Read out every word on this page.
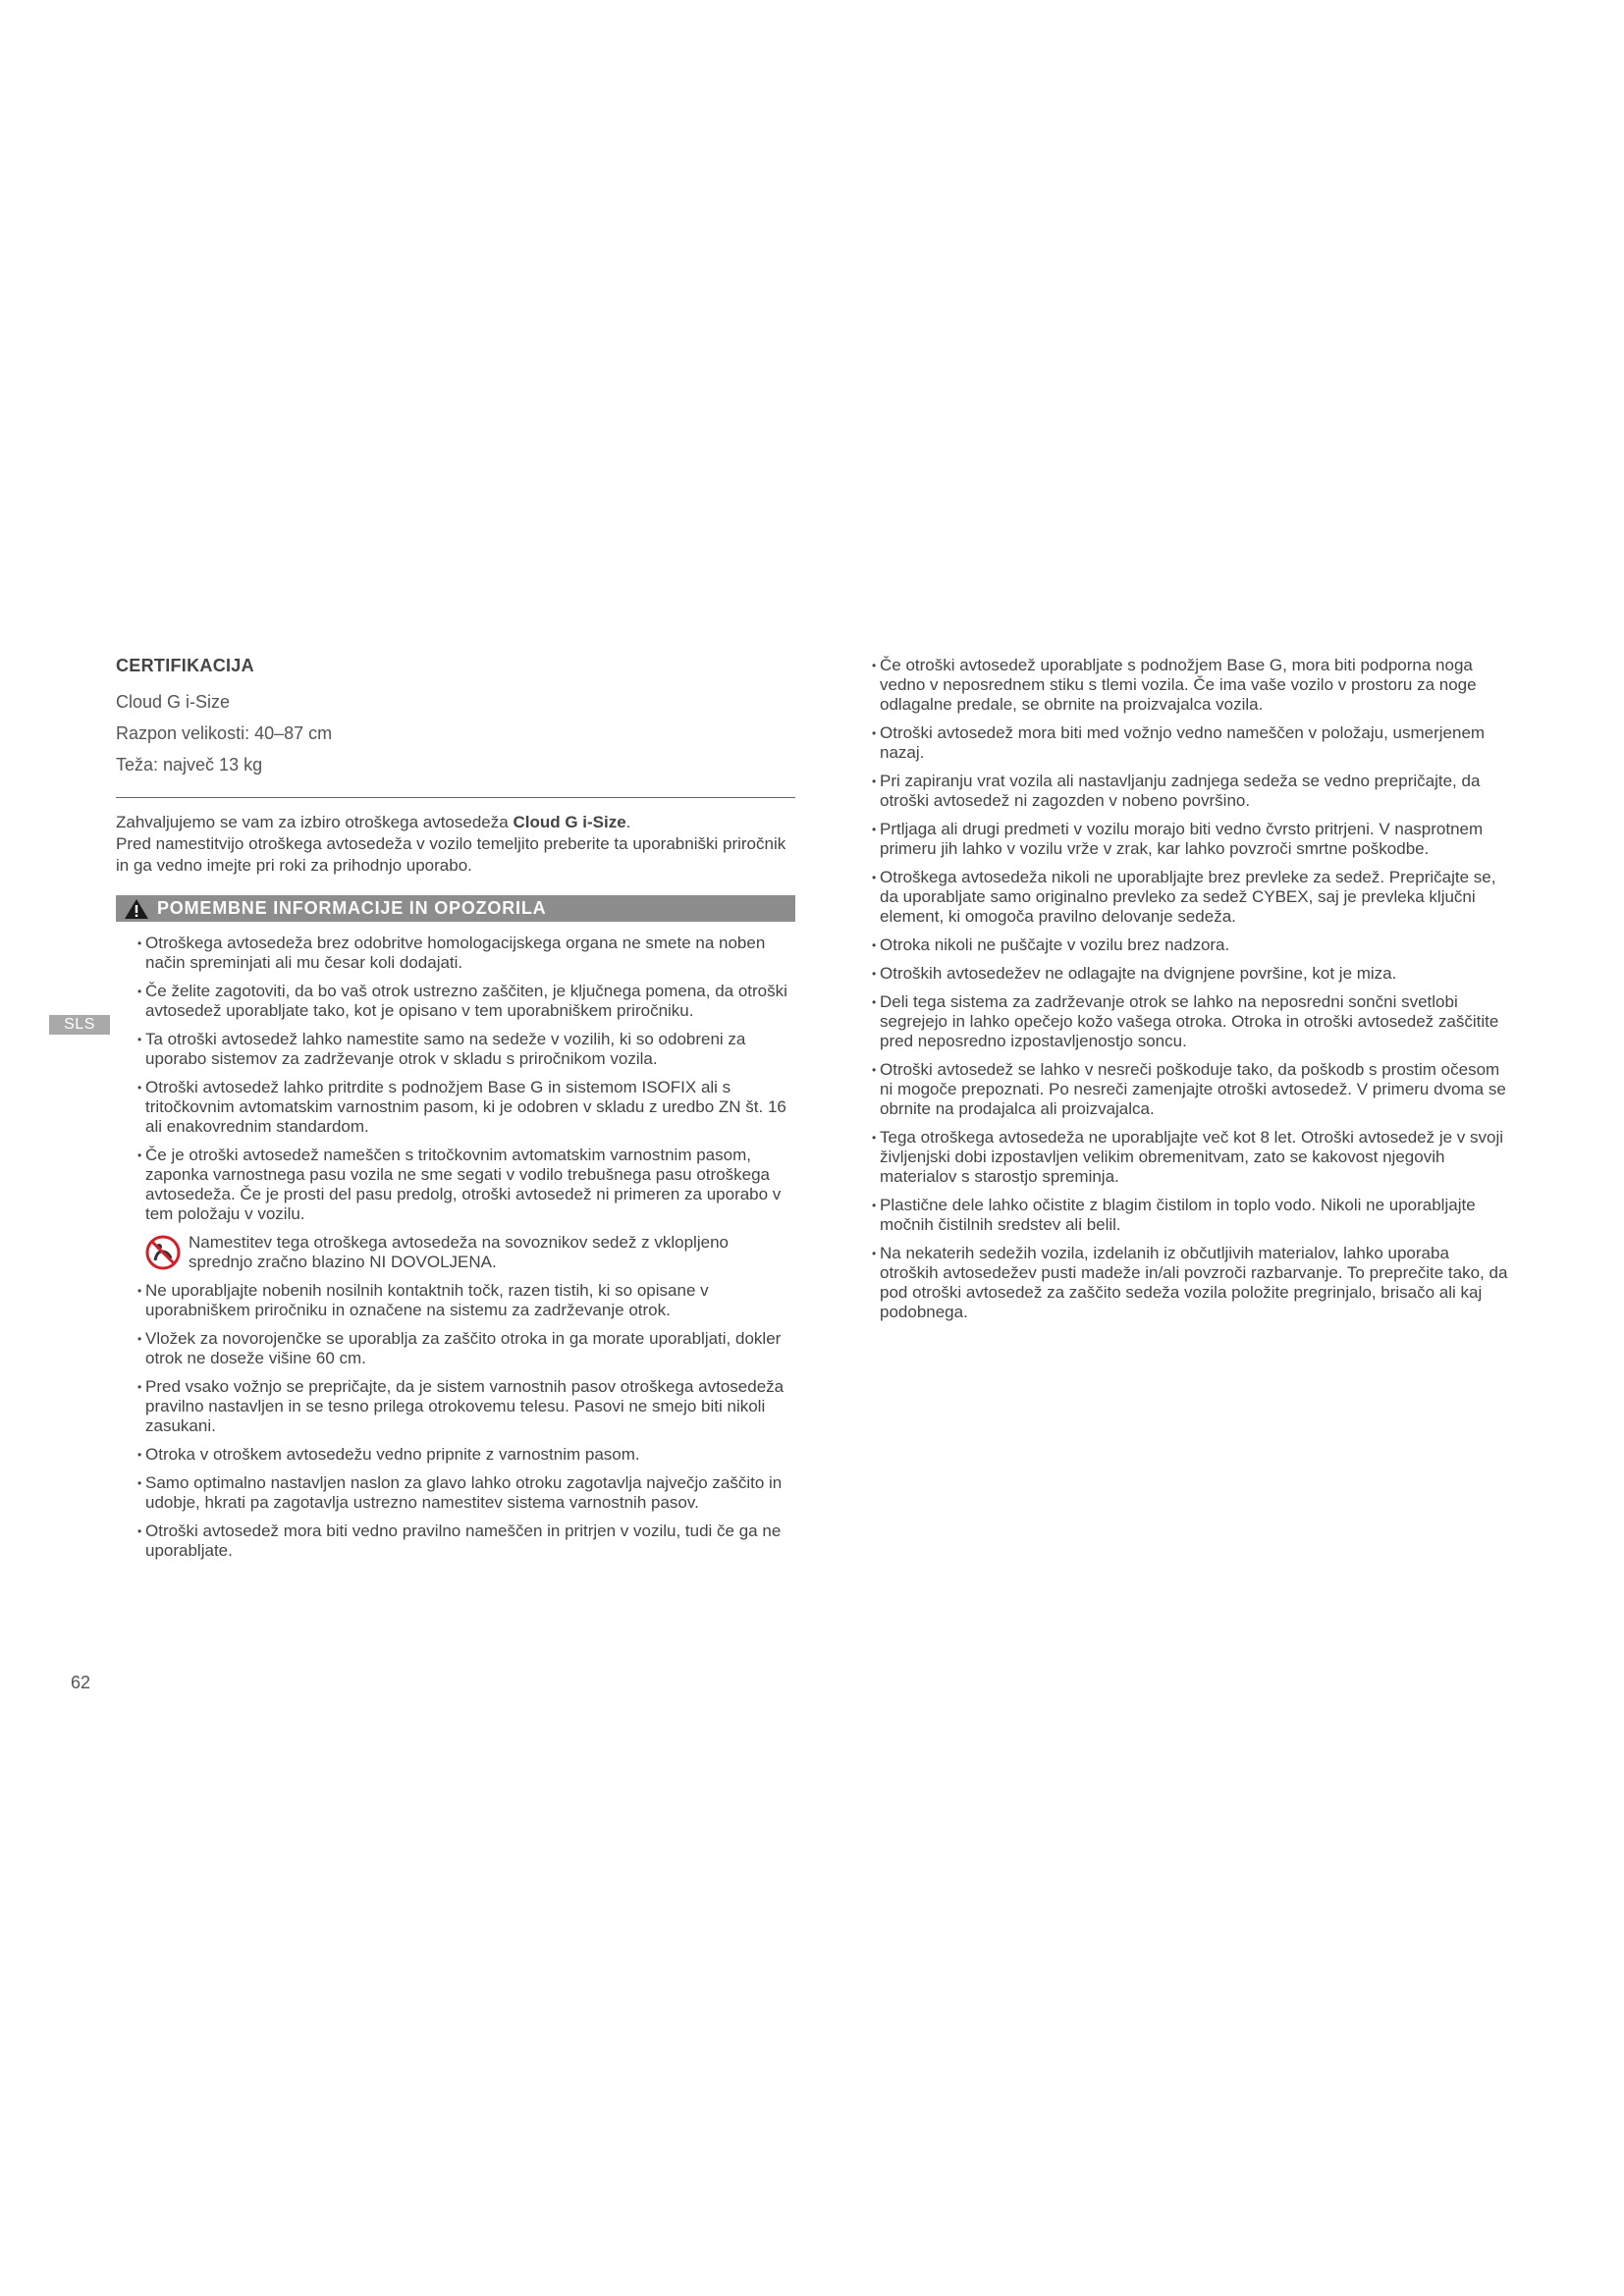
SLS
CERTIFIKACIJA
Cloud G i-Size
Razpon velikosti: 40–87 cm
Teža: največ 13 kg

Zahvaljujemo se vam za izbiro otroškega avtosedeža Cloud G i-Size.
Pred namestitvijo otroškega avtosedeža v vozilo temeljito preberite ta uporabniški priročnik in ga vedno imejte pri roki za prihodnjo uporabo.

POMEMBNE INFORMACIJE IN OPOZORILA
• Otroškega avtosedeža brez odobritve homologacijskega organa ne smete na noben način spreminjati ali mu česar koli dodajati.
• Če želite zagotoviti, da bo vaš otrok ustrezno zaščiten, je ključnega pomena, da otroški avtosedež uporabljate tako, kot je opisano v tem uporabniškem priročniku.
• Ta otroški avtosedež lahko namestite samo na sedeže v vozilih, ki so odobreni za uporabo sistemov za zadrževanje otrok v skladu s priročnikom vozila.
• Otroški avtosedež lahko pritrdite s podnožjem Base G in sistemom ISOFIX ali s tritočkovnim avtomatskim varnostnim pasom, ki je odobren v skladu z uredbo ZN št. 16 ali enakovrednim standardom.
• Če je otroški avtosedež nameščen s tritočkovnim avtomatskim varnostnim pasom, zaponka varnostnega pasu vozila ne sme segati v vodilo trebušnega pasu otroškega avtosedeža. Če je prosti del pasu predolg, otroški avtosedež ni primeren za uporabo v tem položaju v vozilu.
Namestitev tega otroškega avtosedeža na sovoznikov sedež z vklopljeno sprednjo zračno blazino NI DOVOLJENA.
• Ne uporabljajte nobenih nosilnih kontaktnih točk, razen tistih, ki so opisane v uporabniškem priročniku in označene na sistemu za zadrževanje otrok.
• Vložek za novorojenčke se uporablja za zaščito otroka in ga morate uporabljati, dokler otrok ne doseže višine 60 cm.
• Pred vsako vožnjo se prepričajte, da je sistem varnostnih pasov otroškega avtosedeža pravilno nastavljen in se tesno prilega otrokovemu telesu. Pasovi ne smejo biti nikoli zasukani.
• Otroka v otroškem avtosedežu vedno pripnite z varnostnim pasom.
• Samo optimalno nastavljen naslon za glavo lahko otroku zagotavlja največjo zaščito in udobje, hkrati pa zagotavlja ustrezno namestitev sistema varnostnih pasov.
• Otroški avtosedež mora biti vedno pravilno nameščen in pritrjen v vozilu, tudi če ga ne uporabljate.
• Če otroški avtosedež uporabljate s podnožjem Base G, mora biti podporna noga vedno v neposrednem stiku s tlemi vozila. Če ima vaše vozilo v prostoru za noge odlagalne predale, se obrnite na proizvajalca vozila.
• Otroški avtosedež mora biti med vožnjo vedno nameščen v položaju, usmerjenem nazaj.
• Pri zapiranju vrat vozila ali nastavljanju zadnjega sedeža se vedno prepričajte, da otroški avtosedež ni zagozden v nobeno površino.
• Prtljaga ali drugi predmeti v vozilu morajo biti vedno čvrsto pritrjeni. V nasprotnem primeru jih lahko v vozilu vrže v zrak, kar lahko povzroči smrtne poškodbe.
• Otroškega avtosedeža nikoli ne uporabljajte brez prevleke za sedež. Prepričajte se, da uporabljate samo originalno prevleko za sedež CYBEX, saj je prevleka ključni element, ki omogoča pravilno delovanje sedeža.
• Otroka nikoli ne puščajte v vozilu brez nadzora.
• Otroških avtosedežev ne odlagajte na dvignjene površine, kot je miza.
• Deli tega sistema za zadrževanje otrok se lahko na neposredni sončni svetlobi segrejejo in lahko opečejo kožo vašega otroka. Otroka in otroški avtosedež zaščitite pred neposredno izpostavljenostjo soncu.
• Otroški avtosedež se lahko v nesreči poškoduje tako, da poškodb s prostim očesom ni mogoče prepoznati. Po nesreči zamenjajte otroški avtosedež. V primeru dvoma se obrnite na prodajalca ali proizvajalca.
• Tega otroškega avtosedeža ne uporabljajte več kot 8 let. Otroški avtosedež je v svoji življenjski dobi izpostavljen velikim obremenitvam, zato se kakovost njegovih materialov s starostjo spreminja.
• Plastične dele lahko očistite z blagim čistilom in toplo vodo. Nikoli ne uporabljajte močnih čistilnih sredstev ali belil.
• Na nekaterih sedežih vozila, izdelanih iz občutljivih materialov, lahko uporaba otroških avtosedežev pusti madeže in/ali povzroči razbarvanje. To preprečite tako, da pod otroški avtosedež za zaščito sedeža vozila položite pregrinjalo, brisačo ali kaj podobnega.
62
